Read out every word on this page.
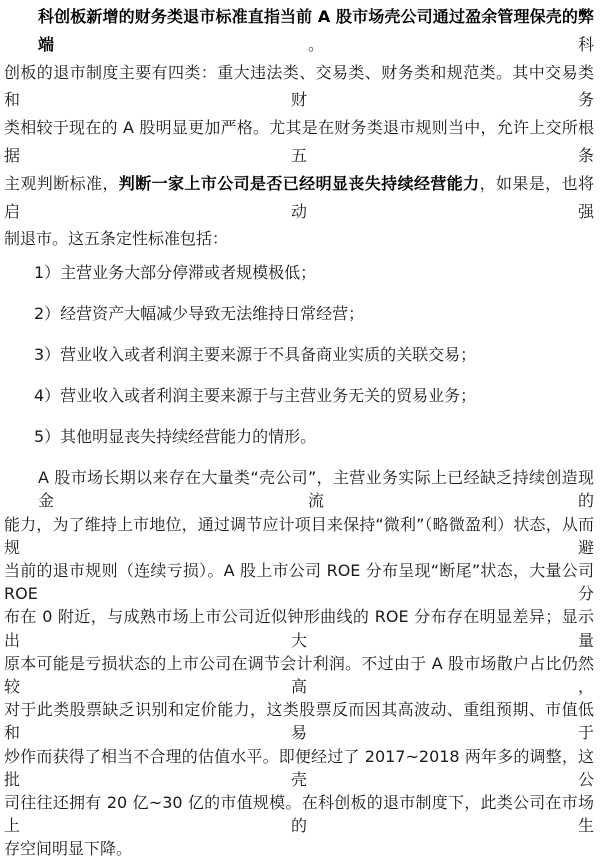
科创板新增的财务类退市标准直指当前 A 股市场壳公司通过盈余管理保壳的弊端。科
创板的退市制度主要有四类：重大违法类、交易类、财务类和规范类。其中交易类和财务
类相较于现在的 A 股明显更加严格。尤其是在财务类退市规则当中，允许上交所根据五条
主观判断标准，判断一家上市公司是否已经明显丧失持续经营能力，如果是，也将启动强
制退市。这五条定性标准包括：
1）主营业务大部分停滞或者规模极低；
2）经营资产大幅减少导致无法维持日常经营；
3）营业收入或者利润主要来源于不具备商业实质的关联交易；
4）营业收入或者利润主要来源于与主营业务无关的贸易业务；
5）其他明显丧失持续经营能力的情形。
A 股市场长期以来存在大量类“壳公司”，主营业务实际上已经缺乏持续创造现金流的
能力，为了维持上市地位，通过调节应计项目来保持“微利”（略微盈利）状态，从而规避
当前的退市规则（连续亏损）。A 股上市公司 ROE 分布呈现“断尾”状态，大量公司 ROE 分
布在 0 附近，与成熟市场上市公司近似钟形曲线的 ROE 分布存在明显差异；显示出大量
原本可能是亏损状态的上市公司在调节会计利润。不过由于 A 股市场散户占比仍然较高，
对于此类股票缺乏识别和定价能力，这类股票反而因其高波动、重组预期、市值低和易于
炒作而获得了相当不合理的估值水平。即便经过了 2017~2018 两年多的调整，这批壳公
司往往还拥有 20 亿~30 亿的市值规模。在科创板的退市制度下，此类公司在市场上的生
存空间明显下降。
